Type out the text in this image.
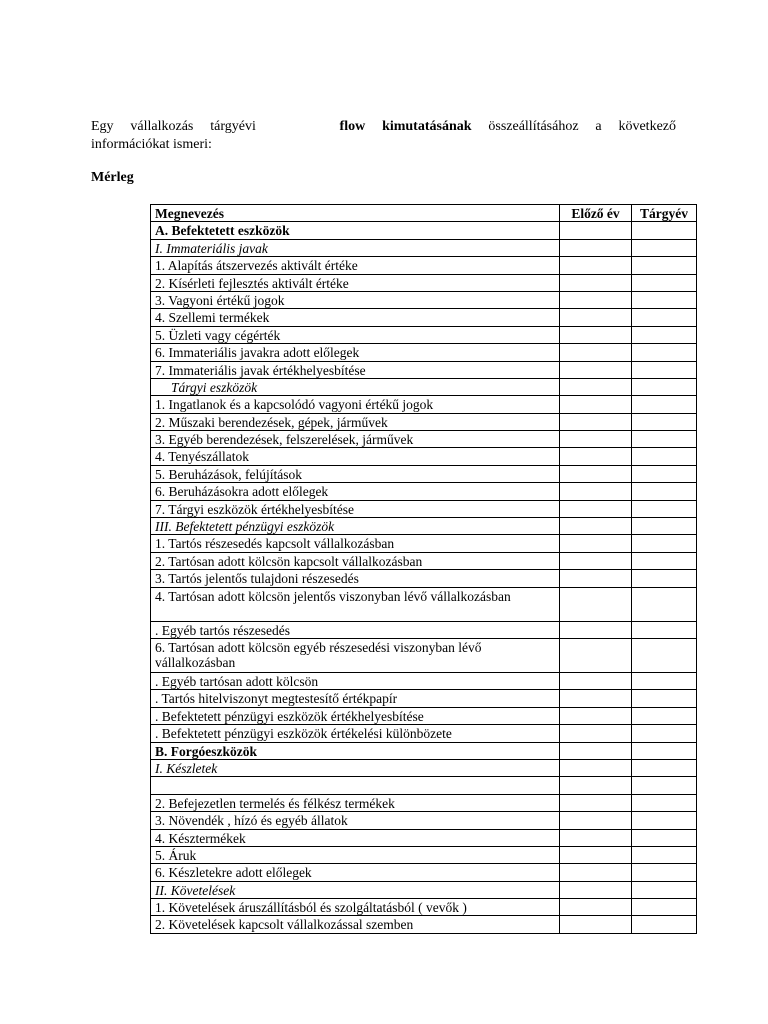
Egy vállalkozás tárgyévi	flow kimutatásának összeállításához a következő
információkat ismeri:
Mérleg
Megnevezés	Előző év	Tárgyév
A. Befektetett eszközök		
I. Immateriális javak		
1. Alapítás átszervezés aktivált értéke		
2. Kísérleti fejlesztés aktivált értéke		
3. Vagyoni értékű jogok		
4. Szellemi termékek		
5. Üzleti vagy cégérték		
6. Immateriális javakra adott előlegek		
7. Immateriális javak értékhelyesbítése		
Tárgyi eszközök		
1. Ingatlanok és a kapcsolódó vagyoni értékű jogok		
2. Műszaki berendezések, gépek, járművek		
3. Egyéb berendezések, felszerelések, járművek		
4. Tenyészállatok		
5. Beruházások, felújítások		
6. Beruházásokra adott előlegek		
7. Tárgyi eszközök értékhelyesbítése		
III. Befektetett pénzügyi eszközök		
1. Tartós részesedés kapcsolt vállalkozásban		
2. Tartósan adott kölcsön kapcsolt vállalkozásban		
3. Tartós jelentős tulajdoni részesedés		
4. Tartósan adott kölcsön jelentős viszonyban lévő vállalkozásban		
. Egyéb tartós részesedés		
6. Tartósan adott kölcsön egyéb részesedési viszonyban lévő vállalkozásban		
. Egyéb tartósan adott kölcsön		
. Tartós hitelviszonyt megtestesítő értékpapír		
. Befektetett pénzügyi eszközök értékhelyesbítése		
. Befektetett pénzügyi eszközök értékelési különbözete		
B. Forgóeszközök		
I. Készletek		

2. Befejezetlen termelés és félkész termékek		
3. Növendék , hízó és egyéb állatok		
4. Késztermékek		
5. Áruk		
6. Készletekre adott előlegek		
II. Követelések		
1. Követelések áruszállításból és szolgáltatásból ( vevők )		
2. Követelések kapcsolt vállalkozással szemben		
